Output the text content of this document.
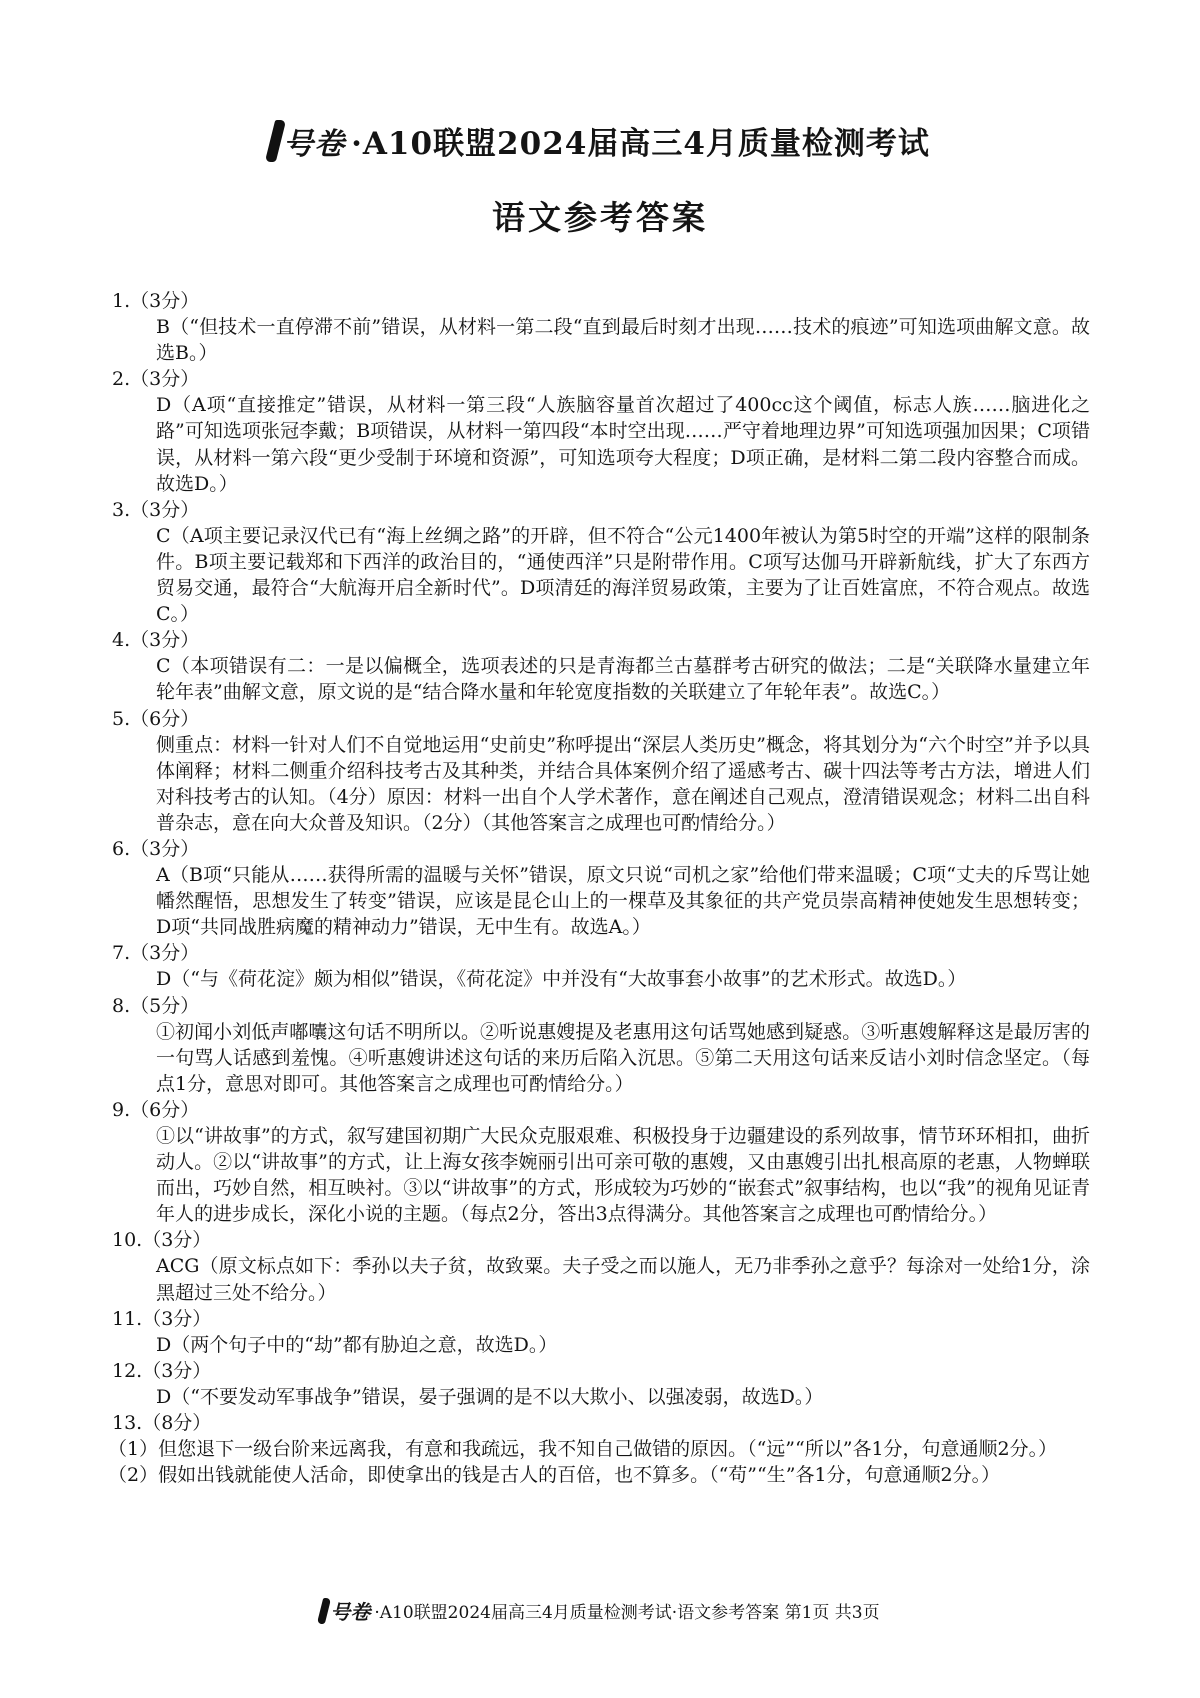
号卷 ·A10联盟2024届高三4月质量检测考试
语文参考答案
1.（3分）
B（“但技术一直停滞不前”错误，从材料一第二段“直到最后时刻才出现……技术的痕迹”可知选项曲解文意。故选B。）
2.（3分）
D（A项“直接推定”错误，从材料一第三段“人族脑容量首次超过了400cc这个阈值，标志人族……脑进化之路”可知选项张冠李戴；B项错误，从材料一第四段“本时空出现……严守着地理边界”可知选项强加因果；C项错误，从材料一第六段“更少受制于环境和资源”，可知选项夸大程度；D项正确，是材料二第二段内容整合而成。故选D。）
3.（3分）
C（A项主要记录汉代已有“海上丝绸之路”的开辟，但不符合“公元1400年被认为第5时空的开端”这样的限制条件。B项主要记载郑和下西洋的政治目的，“通使西洋”只是附带作用。C项写达伽马开辟新航线，扩大了东西方贸易交通，最符合“大航海开启全新时代”。D项清廷的海洋贸易政策，主要为了让百姓富庶，不符合观点。故选C。）
4.（3分）
C（本项错误有二：一是以偏概全，选项表述的只是青海都兰古墓群考古研究的做法；二是“关联降水量建立年轮年表”曲解文意，原文说的是“结合降水量和年轮宽度指数的关联建立了年轮年表”。故选C。）
5.（6分）
侧重点：材料一针对人们不自觉地运用“史前史”称呼提出“深层人类历史”概念，将其划分为“六个时空”并予以具体阐释；材料二侧重介绍科技考古及其种类，并结合具体案例介绍了遥感考古、碳十四法等考古方法，增进人们对科技考古的认知。（4分）原因：材料一出自个人学术著作，意在阐述自己观点，澄清错误观念；材料二出自科普杂志，意在向大众普及知识。（2分）（其他答案言之成理也可酌情给分。）
6.（3分）
A（B项“只能从……获得所需的温暖与关怀”错误，原文只说“司机之家”给他们带来温暖；C项“丈夫的斥骂让她幡然醒悟，思想发生了转变”错误，应该是昆仑山上的一棵草及其象征的共产党员崇高精神使她发生思想转变；D项“共同战胜病魔的精神动力”错误，无中生有。故选A。）
7.（3分）
D（“与《荷花淀》颇为相似”错误，《荷花淀》中并没有“大故事套小故事”的艺术形式。故选D。）
8.（5分）
①初闻小刘低声嘟囔这句话不明所以。②听说惠嫂提及老惠用这句话骂她感到疑惑。③听惠嫂解释这是最厉害的一句骂人话感到羞愧。④听惠嫂讲述这句话的来历后陷入沉思。⑤第二天用这句话来反诘小刘时信念坚定。（每点1分，意思对即可。其他答案言之成理也可酌情给分。）
9.（6分）
①以“讲故事”的方式，叙写建国初期广大民众克服艰难、积极投身于边疆建设的系列故事，情节环环相扣，曲折动人。②以“讲故事”的方式，让上海女孩李婉丽引出可亲可敬的惠嫂，又由惠嫂引出扎根高原的老惠，人物蝉联而出，巧妙自然，相互映衬。③以“讲故事”的方式，形成较为巧妙的“嵌套式”叙事结构，也以“我”的视角见证青年人的进步成长，深化小说的主题。（每点2分，答出3点得满分。其他答案言之成理也可酌情给分。）
10.（3分）
ACG（原文标点如下：季孙以夫子贫，故致粟。夫子受之而以施人，无乃非季孙之意乎？每涂对一处给1分，涂黑超过三处不给分。）
11.（3分）
D（两个句子中的“劫”都有胁迫之意，故选D。）
12.（3分）
D（“不要发动军事战争”错误，晏子强调的是不以大欺小、以强凌弱，故选D。）
13.（8分）
（1）但您退下一级台阶来远离我，有意和我疏远，我不知自己做错的原因。（“远”“所以”各1分，句意通顺2分。）
（2）假如出钱就能使人活命，即使拿出的钱是古人的百倍，也不算多。（“苟”“生”各1分，句意通顺2分。）
号卷 ·A10联盟2024届高三4月质量检测考试·语文参考答案 第1页 共3页
